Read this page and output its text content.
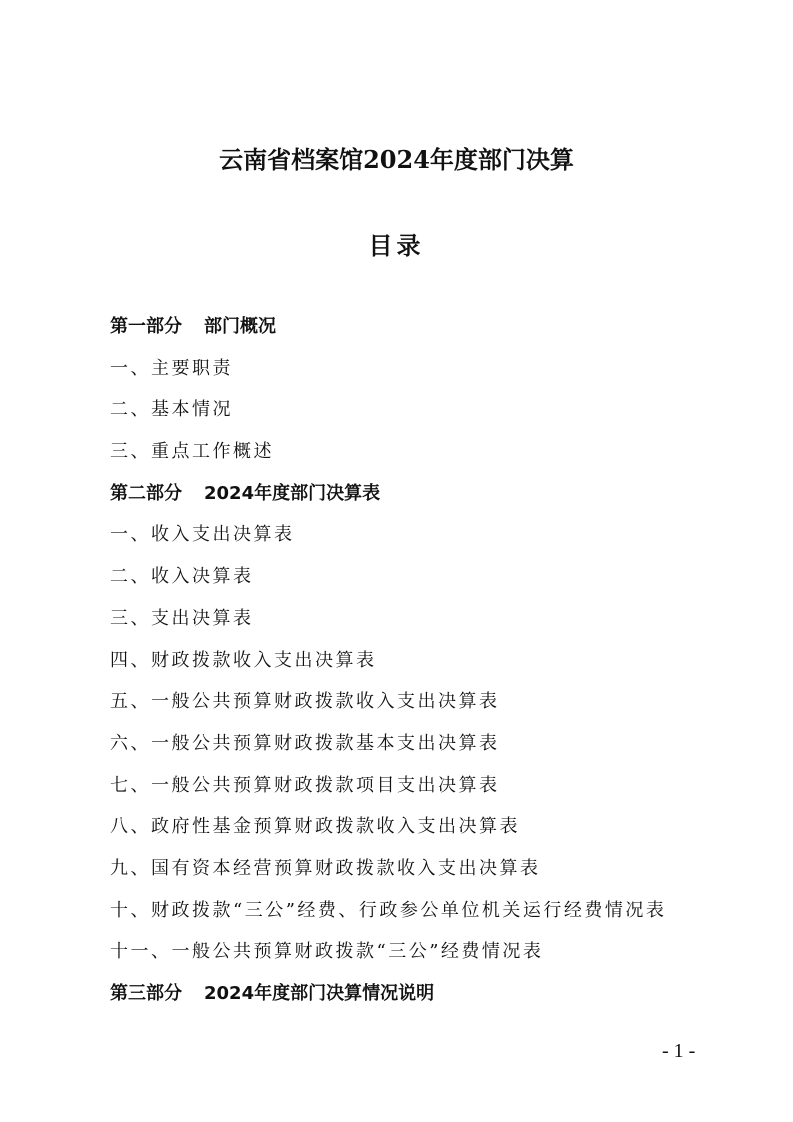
云南省档案馆2024年度部门决算
目录
第一部分 部门概况
一、主要职责
二、基本情况
三、重点工作概述
第二部分 2024年度部门决算表
一、收入支出决算表
二、收入决算表
三、支出决算表
四、财政拨款收入支出决算表
五、一般公共预算财政拨款收入支出决算表
六、一般公共预算财政拨款基本支出决算表
七、一般公共预算财政拨款项目支出决算表
八、政府性基金预算财政拨款收入支出决算表
九、国有资本经营预算财政拨款收入支出决算表
十、财政拨款“三公”经费、行政参公单位机关运行经费情况表
十一、一般公共预算财政拨款“三公”经费情况表
第三部分 2024年度部门决算情况说明
- 1 -
